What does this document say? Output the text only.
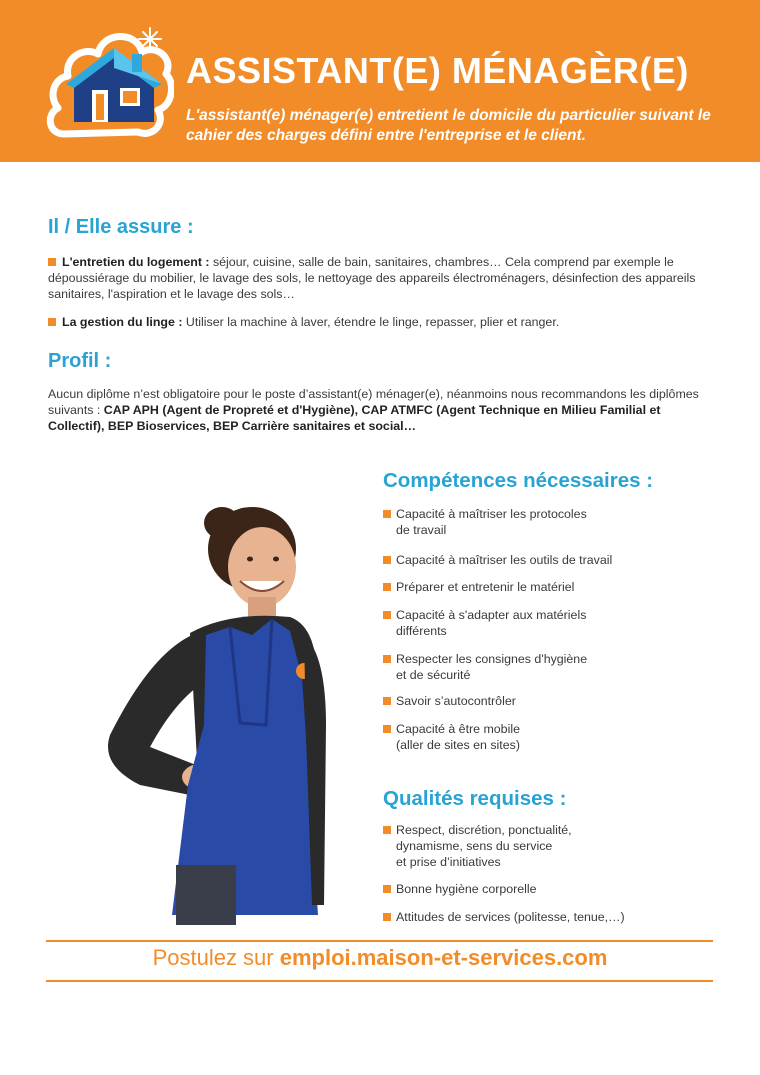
ASSISTANT(E) MÉNAGÈR(E)
L'assistant(e) ménager(e) entretient le domicile du particulier suivant le cahier des charges défini entre l'entreprise et le client.
Il / Elle assure :

L'entretien du logement : séjour, cuisine, salle de bain, sanitaires, chambres… Cela comprend par exemple le dépoussiérage du mobilier, le lavage des sols, le nettoyage des appareils électroménagers, désinfection des appareils sanitaires, l'aspiration et le lavage des sols…

La gestion du linge : Utiliser la machine à laver, étendre le linge, repasser, plier et ranger.

Profil :

Aucun diplôme n’est obligatoire pour le poste d’assistant(e) ménager(e), néanmoins nous recommandons les diplômes suivants : CAP APH (Agent de Propreté et d'Hygiène), CAP ATMFC (Agent Technique en Milieu Familial et Collectif), BEP Bioservices, BEP Carrière sanitaires et social…

Compétences nécessaires :
Capacité à maîtriser les protocoles
de travail
Capacité à maîtriser les outils de travail
Préparer et entretenir le matériel
Capacité à s'adapter aux matériels
différents
Respecter les consignes d'hygiène
et de sécurité
Savoir s’autocontrôler
Capacité à être mobile
(aller de sites en sites)
Qualités requises :
Respect, discrétion, ponctualité,
dynamisme, sens du service
et prise d’initiatives
Bonne hygiène corporelle
Attitudes de services (politesse, tenue,…)
Postulez sur emploi.maison-et-services.com
